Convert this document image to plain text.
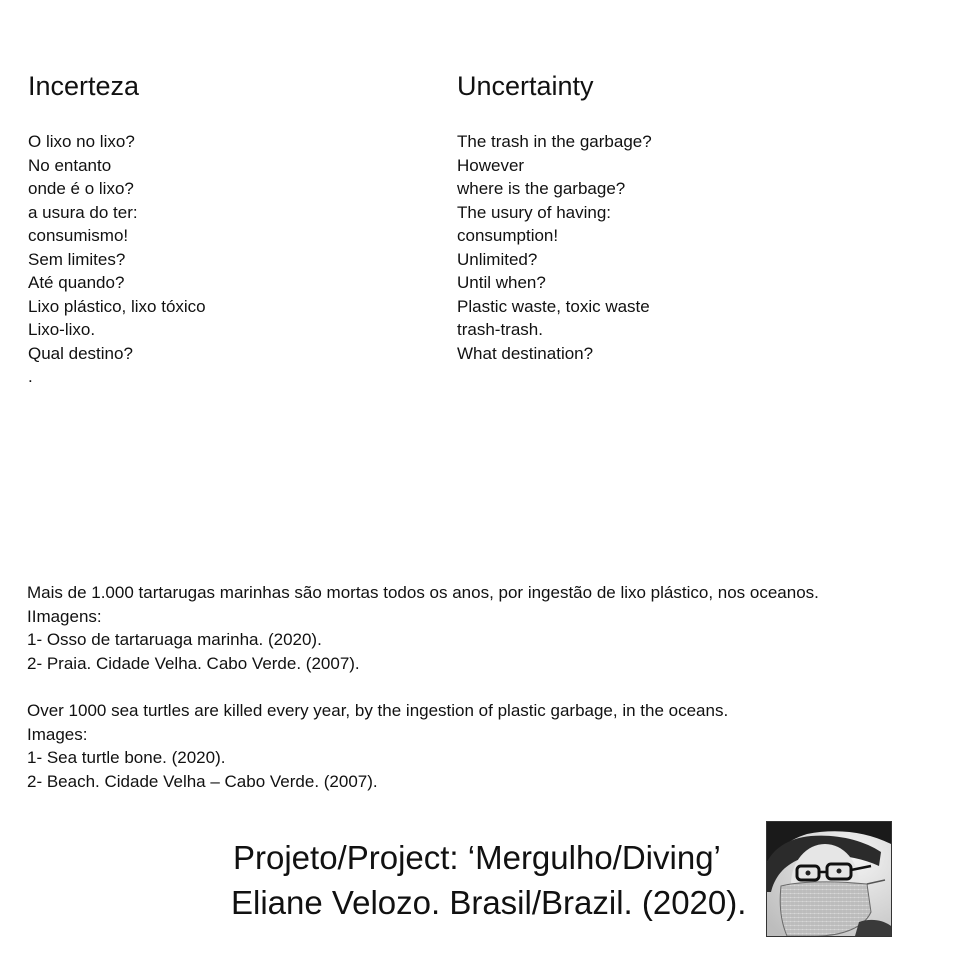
Incerteza
O lixo no lixo?
No entanto
onde é o lixo?
a usura do ter:
consumismo!
Sem limites?
Até quando?
Lixo plástico, lixo tóxico
Lixo-lixo.
Qual destino?
.
Uncertainty
The trash in the garbage?
However
where is the garbage?
The usury of having:
consumption!
Unlimited?
Until when?
Plastic waste, toxic waste
trash-trash.
What destination?
Mais de 1.000 tartarugas marinhas são mortas todos os anos, por ingestão de lixo plástico, nos oceanos.
IImagens:
1- Osso de tartaruaga marinha. (2020).
2- Praia. Cidade Velha. Cabo Verde. (2007).
Over 1000 sea turtles are killed every year, by the ingestion of plastic garbage, in the oceans.
Images:
1- Sea turtle bone. (2020).
2- Beach. Cidade Velha – Cabo Verde. (2007).
Projeto/Project: ‘Mergulho/Diving’
Eliane Velozo. Brasil/Brazil. (2020).
